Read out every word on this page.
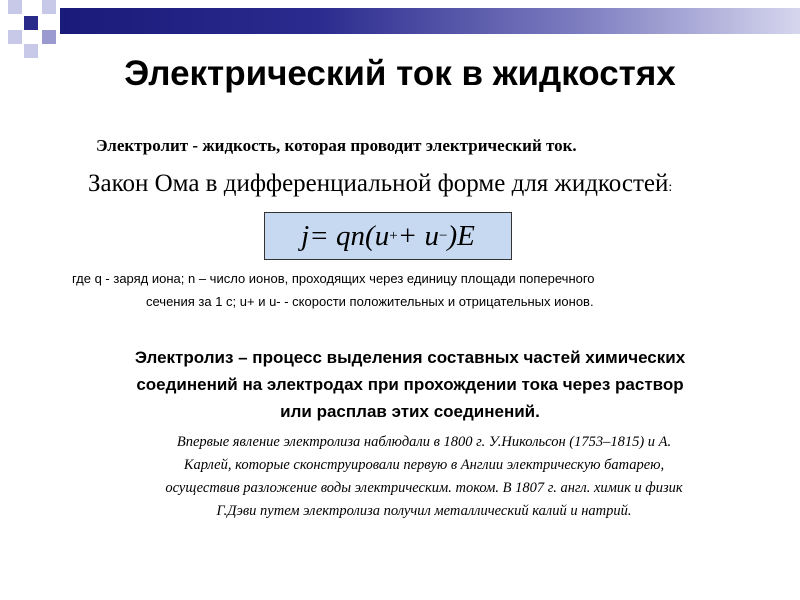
Электрический ток в жидкостях
Электролит - жидкость, которая проводит электрический ток.
Закон Ома в дифференциальной форме для жидкостей:
j = qn(u + + u − )E
где q - заряд иона; n – число ионов, проходящих через единицу площади поперечного
сечения за 1 с; u+ и u- - скорости положительных и отрицательных ионов.
Электролиз – процесс выделения составных частей химических
соединений на электродах при прохождении тока через раствор
или расплав этих соединений.
Впервые явление электролиза наблюдали в 1800 г. У.Никольсон (1753–1815) и А.
Карлей, которые сконструировали первую в Англии электрическую батарею,
осуществив разложение воды электрическим. током. В 1807 г. англ. химик и физик
Г.Дэви путем электролиза получил металлический калий и натрий.
